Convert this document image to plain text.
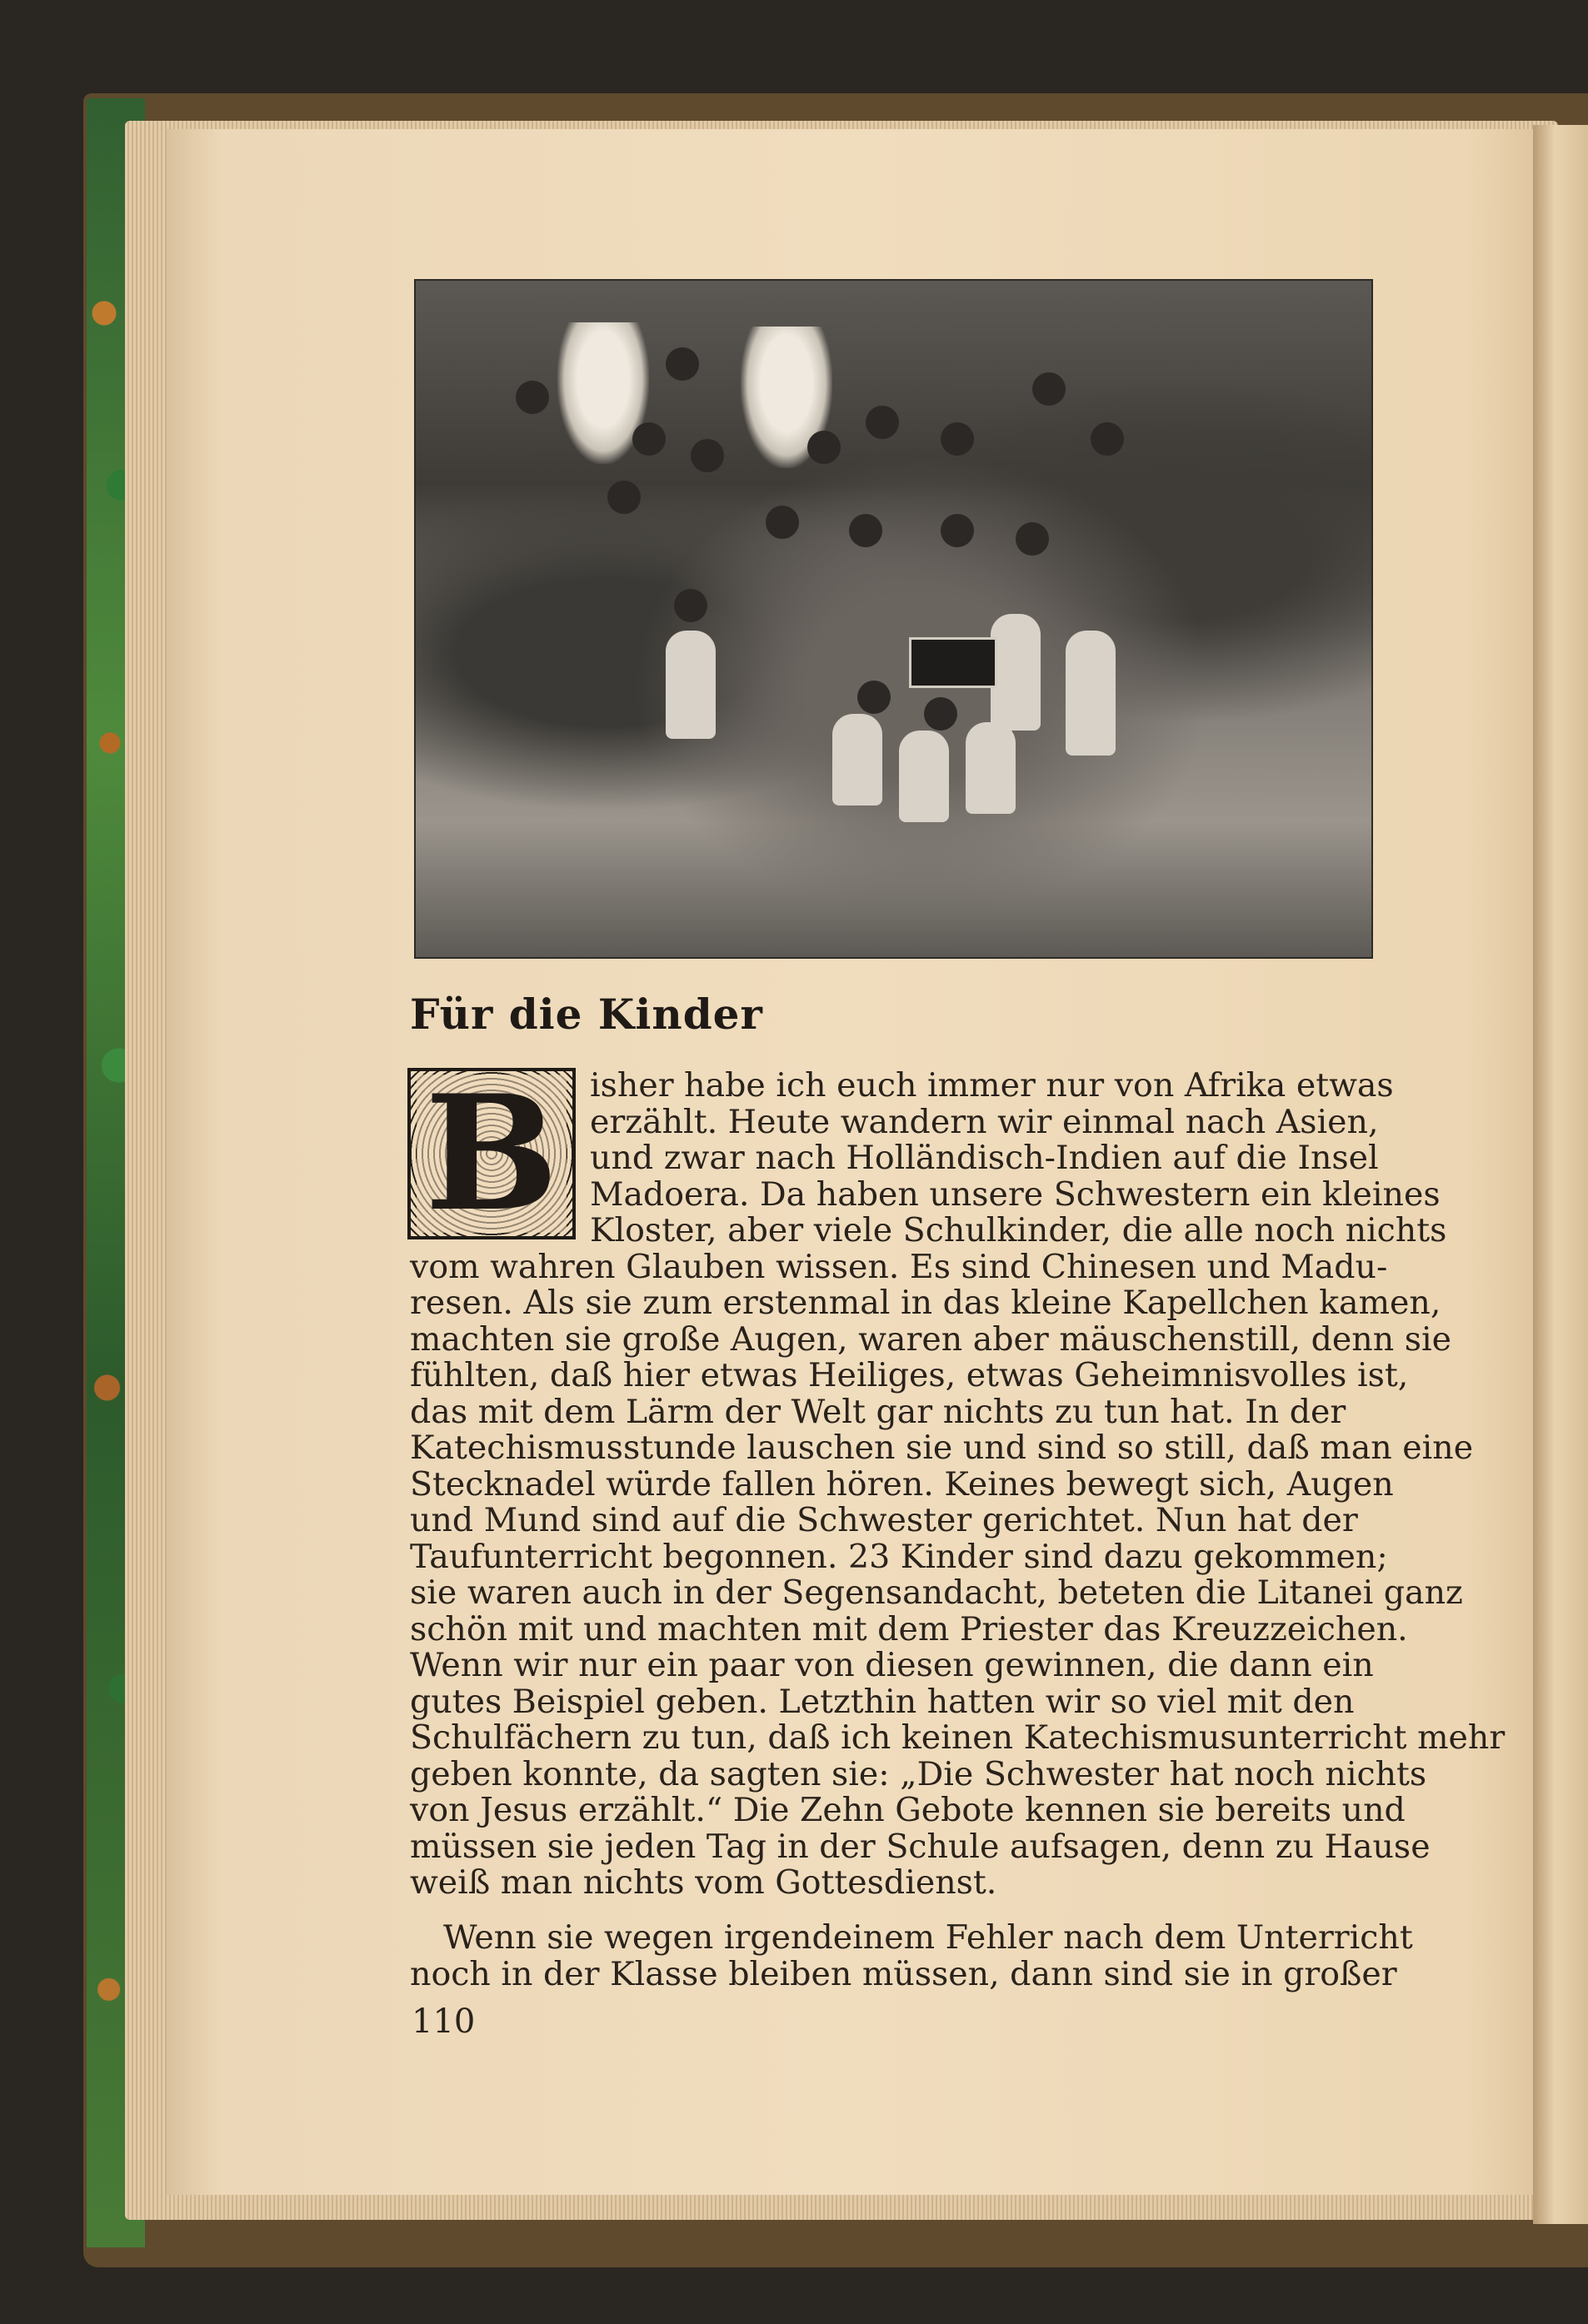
Für die Kinder
B isher habe ich euch immer nur von Afrika etwas
erzählt. Heute wandern wir einmal nach Asien,
und zwar nach Holländisch-Indien auf die Insel
Madoera. Da haben unsere Schwestern ein kleines
Kloster, aber viele Schulkinder, die alle noch nichts
vom wahren Glauben wissen. Es sind Chinesen und Madu-
resen. Als sie zum erstenmal in das kleine Kapellchen kamen,
machten sie große Augen, waren aber mäuschenstill, denn sie
fühlten, daß hier etwas Heiliges, etwas Geheimnisvolles ist,
das mit dem Lärm der Welt gar nichts zu tun hat. In der
Katechismusstunde lauschen sie und sind so still, daß man eine
Stecknadel würde fallen hören. Keines bewegt sich, Augen
und Mund sind auf die Schwester gerichtet. Nun hat der
Taufunterricht begonnen. 23 Kinder sind dazu gekommen;
sie waren auch in der Segensandacht, beteten die Litanei ganz
schön mit und machten mit dem Priester das Kreuzzeichen.
Wenn wir nur ein paar von diesen gewinnen, die dann ein
gutes Beispiel geben. Letzthin hatten wir so viel mit den
Schulfächern zu tun, daß ich keinen Katechismusunterricht mehr
geben konnte, da sagten sie: „Die Schwester hat noch nichts
von Jesus erzählt.“ Die Zehn Gebote kennen sie bereits und
müssen sie jeden Tag in der Schule aufsagen, denn zu Hause
weiß man nichts vom Gottesdienst.

Wenn sie wegen irgendeinem Fehler nach dem Unterricht
noch in der Klasse bleiben müssen, dann sind sie in großer

110
